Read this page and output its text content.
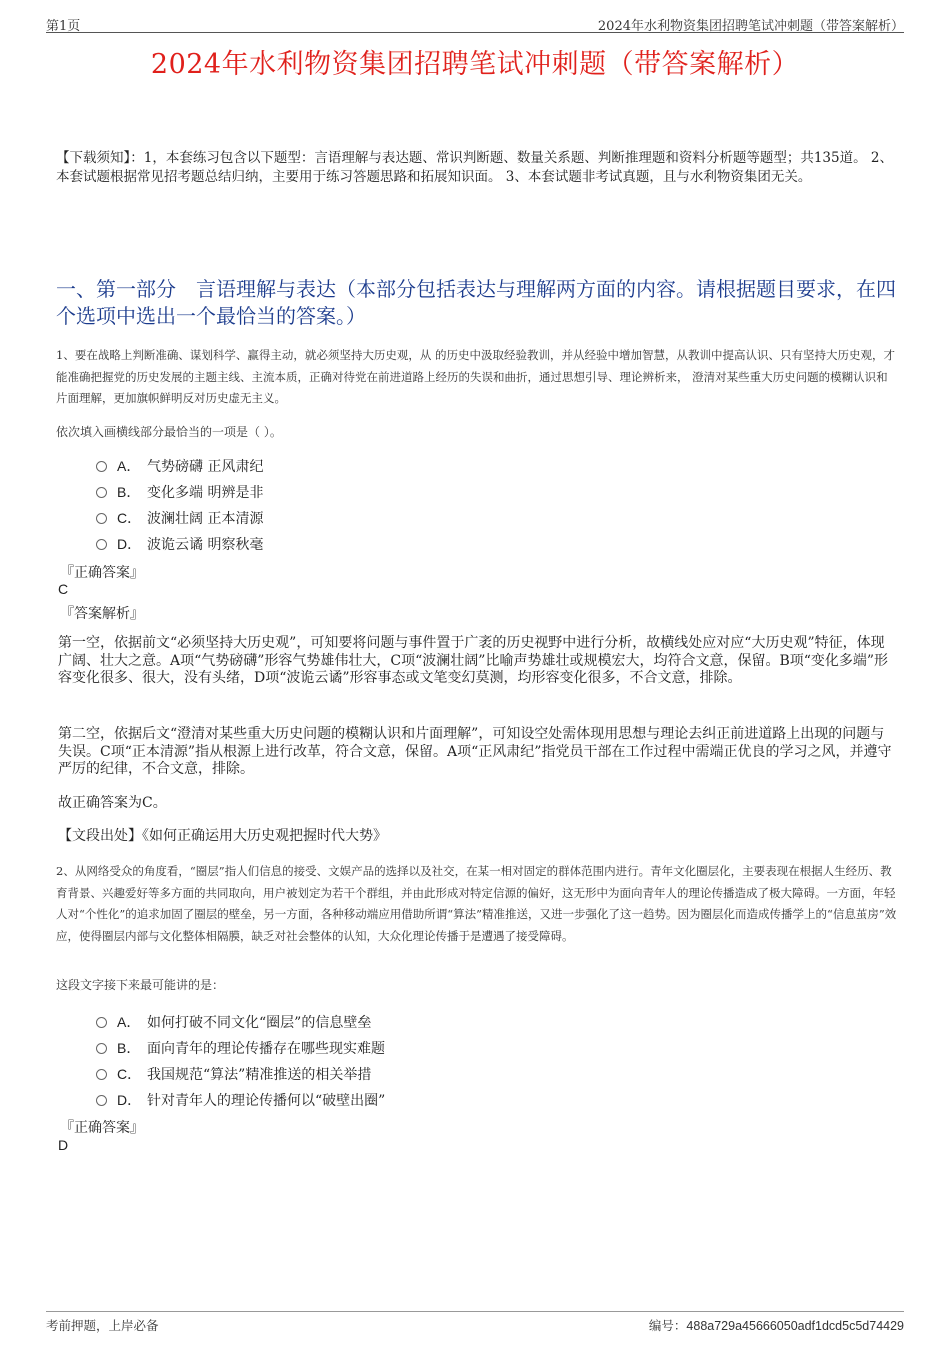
第1页	2024年水利物资集团招聘笔试冲刺题（带答案解析）
2024年水利物资集团招聘笔试冲刺题（带答案解析）
【下载须知】：1，本套练习包含以下题型：言语理解与表达题、常识判断题、数量关系题、判断推理题和资料分析题等题型；共135道。 2、本套试题根据常见招考题总结归纳，主要用于练习答题思路和拓展知识面。 3、本套试题非考试真题，且与水利物资集团无关。
一、第一部分　言语理解与表达（本部分包括表达与理解两方面的内容。请根据题目要求，在四个选项中选出一个最恰当的答案。）
1、要在战略上判断准确、谋划科学、赢得主动，就必须坚持大历史观，从 的历史中汲取经验教训，并从经验中增加智慧，从教训中提高认识、只有坚持大历史观，才能准确把握党的历史发展的主题主线、主流本质，正确对待党在前进道路上经历的失误和曲折，通过思想引导、理论辨析来， 澄清对某些重大历史问题的模糊认识和片面理解，更加旗帜鲜明反对历史虚无主义。
依次填入画横线部分最恰当的一项是（ ）。
A． 气势磅礴 正风肃纪
B． 变化多端 明辨是非
C． 波澜壮阔 正本清源
D． 波诡云谲 明察秋毫
『正确答案』
C
『答案解析』
第一空，依据前文“必须坚持大历史观”，可知要将问题与事件置于广袤的历史视野中进行分析，故横线处应对应“大历史观”特征，体现广阔、壮大之意。A项“气势磅礴”形容气势雄伟壮大，C项“波澜壮阔”比喻声势雄壮或规模宏大，均符合文意，保留。B项“变化多端”形容变化很多、很大，没有头绪，D项“波诡云谲”形容事态或文笔变幻莫测，均形容变化很多，不合文意，排除。
第二空，依据后文“澄清对某些重大历史问题的模糊认识和片面理解”，可知设空处需体现用思想与理论去纠正前进道路上出现的问题与失误。C项“正本清源”指从根源上进行改革，符合文意，保留。A项“正风肃纪”指党员干部在工作过程中需端正优良的学习之风，并遵守严厉的纪律，不合文意，排除。
故正确答案为C。
【文段出处】《如何正确运用大历史观把握时代大势》
2、从网络受众的角度看，“圈层”指人们信息的接受、文娱产品的选择以及社交，在某一相对固定的群体范围内进行。青年文化圈层化，主要表现在根据人生经历、教育背景、兴趣爱好等多方面的共同取向，用户被划定为若干个群组，并由此形成对特定信源的偏好，这无形中为面向青年人的理论传播造成了极大障碍。一方面，年轻人对“个性化”的追求加固了圈层的壁垒，另一方面，各种移动端应用借助所谓“算法”精准推送，又进一步强化了这一趋势。因为圈层化而造成传播学上的“信息茧房”效应，使得圈层内部与文化整体相隔膜，缺乏对社会整体的认知，大众化理论传播于是遭遇了接受障碍。
这段文字接下来最可能讲的是：
A． 如何打破不同文化“圈层”的信息壁垒
B． 面向青年的理论传播存在哪些现实难题
C． 我国规范“算法”精准推送的相关举措
D． 针对青年人的理论传播何以“破壁出圈”
『正确答案』
D
考前押题，上岸必备	编号：488a729a45666050adf1dcd5c5d74429
